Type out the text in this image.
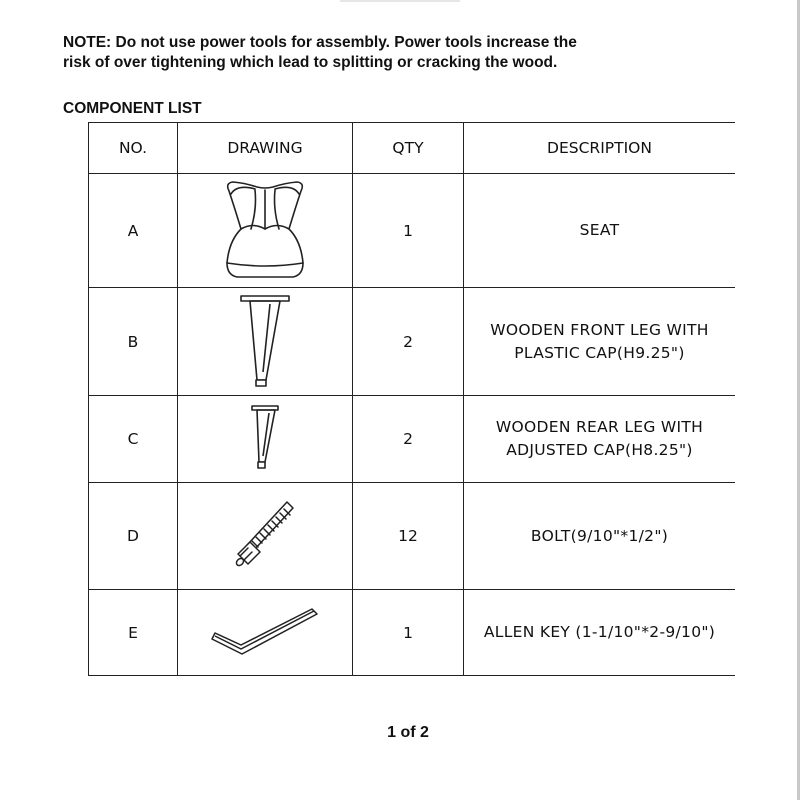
NOTE: Do not use power tools for assembly. Power tools increase the
risk of over tightening which lead to splitting or cracking the wood.
COMPONENT LIST
NO.	DRAWING	QTY	DESCRIPTION
A		1	SEAT

B		2	WOODEN FRONT LEG WITH
PLASTIC CAP(H9.25")

C		2	WOODEN REAR LEG WITH
ADJUSTED CAP(H8.25")

D		12	BOLT(9/10"*1/2")

E		1	ALLEN KEY (1-1/10"*2-9/10")
1 of 2
